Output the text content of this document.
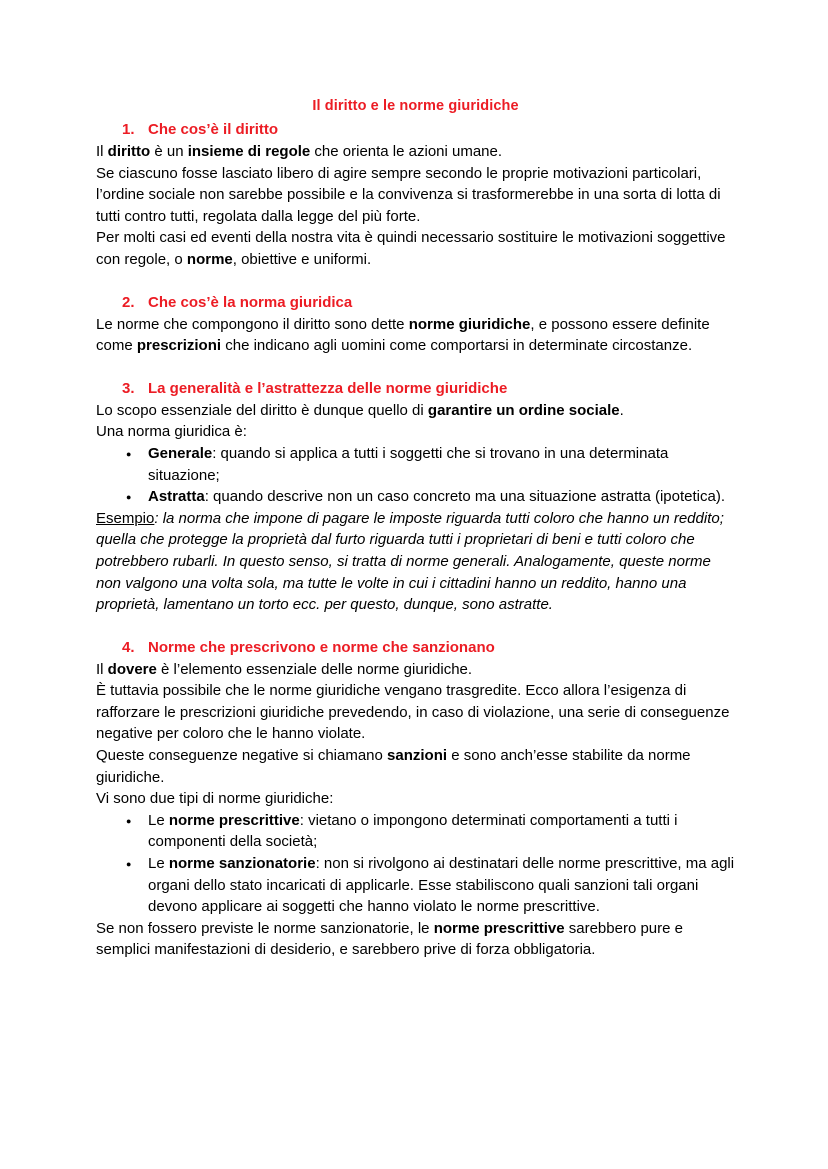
Il diritto e le norme giuridiche
1. Che cos’è il diritto

Il diritto è un insieme di regole che orienta le azioni umane.

Se ciascuno fosse lasciato libero di agire sempre secondo le proprie motivazioni particolari, l’ordine sociale non sarebbe possibile e la convivenza si trasformerebbe in una sorta di lotta di tutti contro tutti, regolata dalla legge del più forte.

Per molti casi ed eventi della nostra vita è quindi necessario sostituire le motivazioni soggettive con regole, o norme, obiettive e uniformi.

2. Che cos’è la norma giuridica

Le norme che compongono il diritto sono dette norme giuridiche, e possono essere definite come prescrizioni che indicano agli uomini come comportarsi in determinate circostanze.

3. La generalità e l’astrattezza delle norme giuridiche

Lo scopo essenziale del diritto è dunque quello di garantire un ordine sociale.

Una norma giuridica è:

● Generale: quando si applica a tutti i soggetti che si trovano in una determinata situazione;
● Astratta: quando descrive non un caso concreto ma una situazione astratta (ipotetica).

Esempio: la norma che impone di pagare le imposte riguarda tutti coloro che hanno un reddito; quella che protegge la proprietà dal furto riguarda tutti i proprietari di beni e tutti coloro che potrebbero rubarli. In questo senso, si tratta di norme generali. Analogamente, queste norme non valgono una volta sola, ma tutte le volte in cui i cittadini hanno un reddito, hanno una proprietà, lamentano un torto ecc. per questo, dunque, sono astratte.

4. Norme che prescrivono e norme che sanzionano

Il dovere è l’elemento essenziale delle norme giuridiche.

È tuttavia possibile che le norme giuridiche vengano trasgredite. Ecco allora l’esigenza di rafforzare le prescrizioni giuridiche prevedendo, in caso di violazione, una serie di conseguenze negative per coloro che le hanno violate.

Queste conseguenze negative si chiamano sanzioni e sono anch’esse stabilite da norme giuridiche.

Vi sono due tipi di norme giuridiche:

● Le norme prescrittive: vietano o impongono determinati comportamenti a tutti i componenti della società;
● Le norme sanzionatorie: non si rivolgono ai destinatari delle norme prescrittive, ma agli organi dello stato incaricati di applicarle. Esse stabiliscono quali sanzioni tali organi devono applicare ai soggetti che hanno violato le norme prescrittive.

Se non fossero previste le norme sanzionatorie, le norme prescrittive sarebbero pure e semplici manifestazioni di desiderio, e sarebbero prive di forza obbligatoria.
